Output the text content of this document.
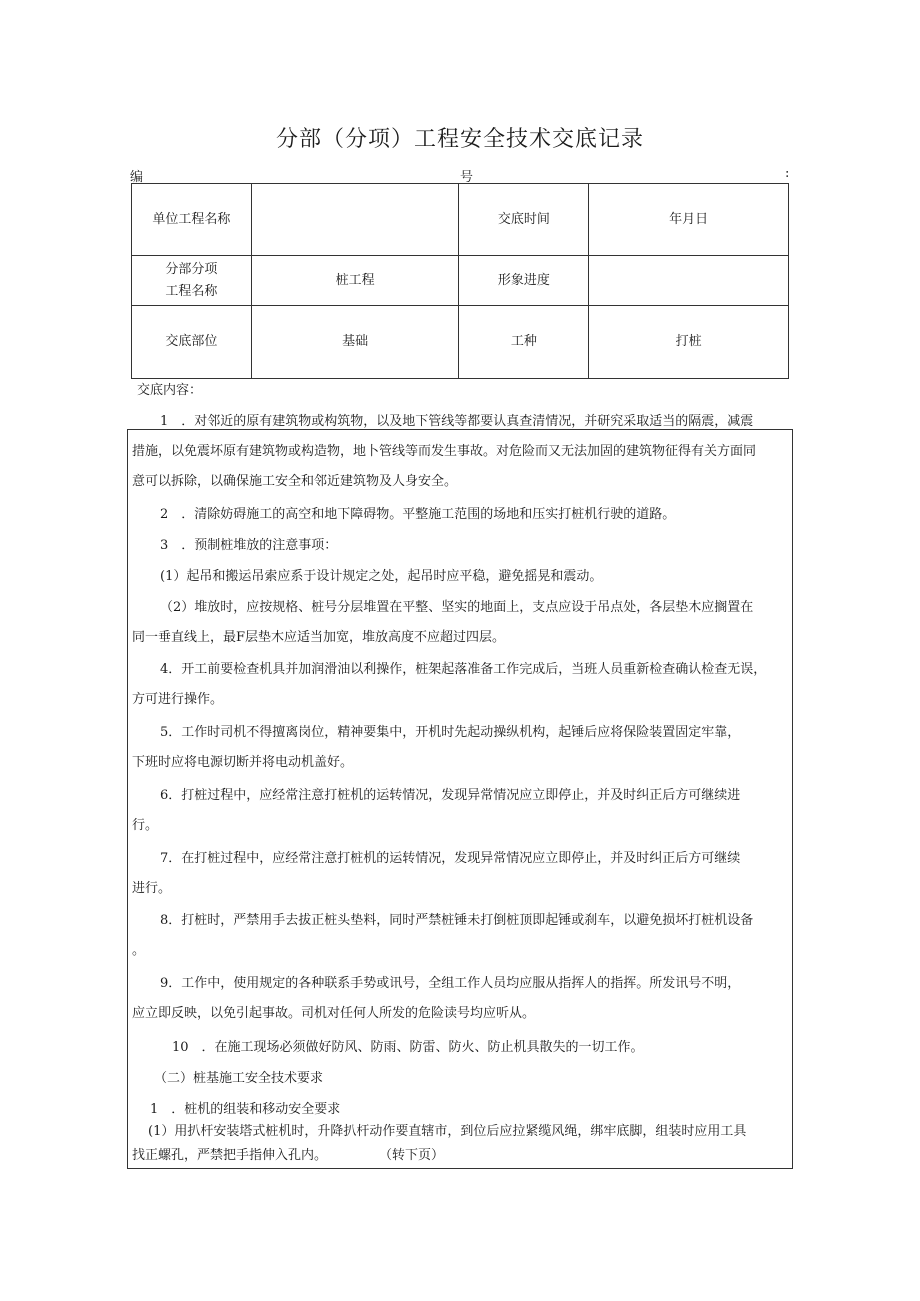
分部（分项）工程安全技术交底记录
编	号	:
单位工程名称		交底时间	年月日

分部分项
工程名称	桩工程	形象进度	
交底部位	基础	工种	打桩
交底内容：

1　．对邻近的原有建筑物或构筑物，以及地下管线等都要认真查清情况，并研究采取适当的隔震，减震

措施，以免震坏原有建筑物或构造物，地卜管线等而发生事故。对危险而又无法加固的建筑物征得有关方面同

意可以拆除，以确保施工安全和邻近建筑物及人身安全。

2　．清除妨碍施工的高空和地下障碍物。平整施工范围的场地和压实打桩机行驶的道路。

3　．预制桩堆放的注意事项：

(1）起吊和搬运吊索应系于设计规定之处，起吊时应平稳，避免摇晃和震动。

（2）堆放时，应按规格、桩号分层堆置在平整、坚实的地面上，支点应设于吊点处，各层垫木应搁置在

同一垂直线上，最F层垫木应适当加宽，堆放高度不应超过四层。

4．开工前要检查机具并加润滑油以利操作，桩架起落准备工作完成后，当班人员重新检查确认检查无误，

方可进行操作。

5．工作时司机不得擅离岗位，精神要集中，开机时先起动操纵机构，起锤后应将保险装置固定牢靠，

下班时应将电源切断并将电动机盖好。

6．打桩过程中，应经常注意打桩机的运转情况，发现异常情况应立即停止，并及时纠正后方可继续进

行。

7．在打桩过程中，应经常注意打桩机的运转情况，发现异常情况应立即停止，并及时纠正后方可继续

进行。

8．打桩时，严禁用手去拔正桩头垫料，同时严禁桩锤未打倒桩顶即起锤或刹车，以避免损坏打桩机设备

。

9．工作中，使用规定的各种联系手势或讯号，全组工作人员均应服从指挥人的指挥。所发讯号不明，

应立即反映，以免引起事故。司机对任何人所发的危险读号均应听从。

10　．在施工现场必须做好防风、防雨、防雷、防火、防止机具散失的一切工作。

（二）桩基施工安全技术要求

1　．桩机的组装和移动安全要求

(1）用扒杆安装塔式桩机时，升降扒杆动作要直辖市，到位后应拉紧缆风绳，绑牢底脚，组装时应用工具

找正螺孔，严禁把手指伸入孔内。　　　　　（转下页）
